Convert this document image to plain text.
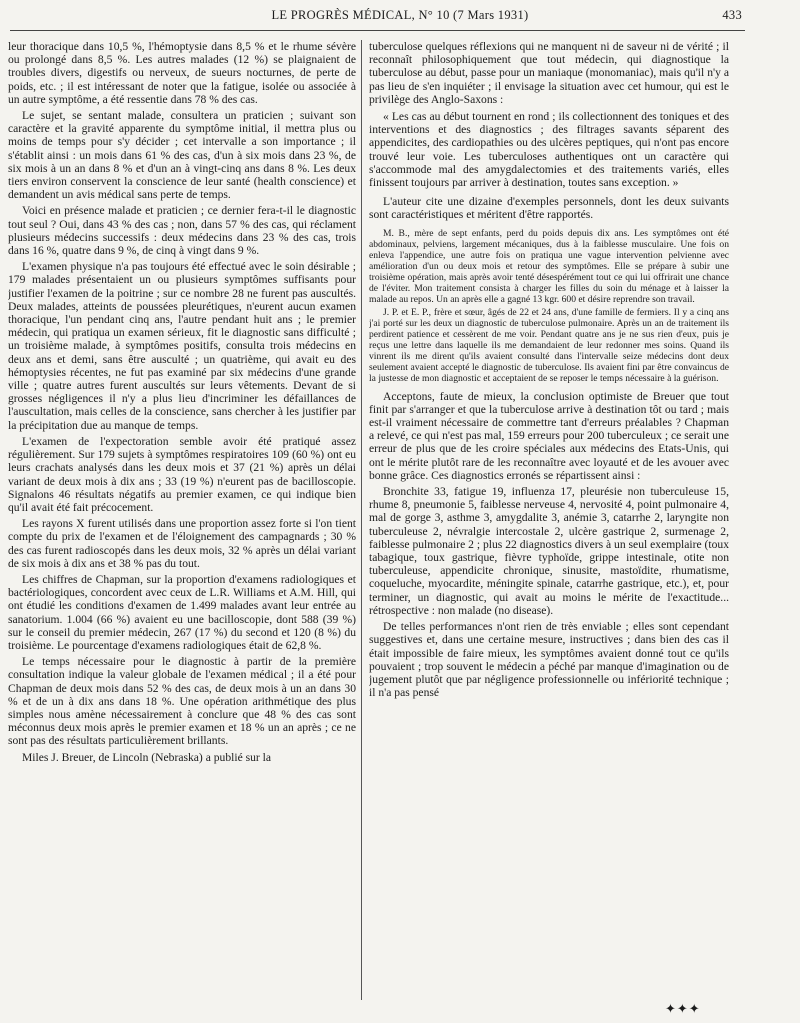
LE PROGRÈS MÉDICAL, N° 10 (7 Mars 1931)	433

leur thoracique dans 10,5 %, l'hémoptysie dans 8,5 % et le rhume sévère ou prolongé dans 8,5 %. Les autres malades (12 %) se plaignaient de troubles divers, digestifs ou nerveux, de sueurs nocturnes, de perte de poids, etc. ; il est intéressant de noter que la fatigue, isolée ou associée à un autre symptôme, a été ressentie dans 78 % des cas.

Le sujet, se sentant malade, consultera un praticien ; suivant son caractère et la gravité apparente du symptôme initial, il mettra plus ou moins de temps pour s'y décider ; cet intervalle a son importance ; il s'établit ainsi : un mois dans 61 % des cas, d'un à six mois dans 23 %, de six mois à un an dans 8 % et d'un an à vingt-cinq ans dans 8 %. Les deux tiers environ conservent la conscience de leur santé (health conscience) et demandent un avis médical sans perte de temps.

Voici en présence malade et praticien ; ce dernier fera-t-il le diagnostic tout seul ? Oui, dans 43 % des cas ; non, dans 57 % des cas, qui réclament plusieurs médecins successifs : deux médecins dans 23 % des cas, trois dans 16 %, quatre dans 9 %, de cinq à vingt dans 9 %.

L'examen physique n'a pas toujours été effectué avec le soin désirable ; 179 malades présentaient un ou plusieurs symptômes suffisants pour justifier l'examen de la poitrine ; sur ce nombre 28 ne furent pas auscultés. Deux malades, atteints de poussées pleurétiques, n'eurent aucun examen thoracique, l'un pendant cinq ans, l'autre pendant huit ans ; le premier médecin, qui pratiqua un examen sérieux, fit le diagnostic sans difficulté ; un troisième malade, à symptômes positifs, consulta trois médecins en deux ans et demi, sans être ausculté ; un quatrième, qui avait eu des hémoptysies récentes, ne fut pas examiné par six médecins d'une grande ville ; quatre autres furent auscultés sur leurs vêtements. Devant de si grosses négligences il n'y a plus lieu d'incriminer les défaillances de l'auscultation, mais celles de la conscience, sans chercher à les justifier par la précipitation due au manque de temps.

L'examen de l'expectoration semble avoir été pratiqué assez régulièrement. Sur 179 sujets à symptômes respiratoires 109 (60 %) ont eu leurs crachats analysés dans les deux mois et 37 (21 %) après un délai variant de deux mois à dix ans ; 33 (19 %) n'eurent pas de bacilloscopie. Signalons 46 résultats négatifs au premier examen, ce qui indique bien qu'il avait été fait précocement.

Les rayons X furent utilisés dans une proportion assez forte si l'on tient compte du prix de l'examen et de l'éloignement des campagnards ; 30 % des cas furent radioscopés dans les deux mois, 32 % après un délai variant de six mois à dix ans et 38 % pas du tout.

Les chiffres de Chapman, sur la proportion d'examens radiologiques et bactériologiques, concordent avec ceux de L.R. Williams et A.M. Hill, qui ont étudié les conditions d'examen de 1.499 malades avant leur entrée au sanatorium. 1.004 (66 %) avaient eu une bacilloscopie, dont 588 (39 %) sur le conseil du premier médecin, 267 (17 %) du second et 120 (8 %) du troisième. Le pourcentage d'examens radiologiques était de 62,8 %.

Le temps nécessaire pour le diagnostic à partir de la première consultation indique la valeur globale de l'examen médical ; il a été pour Chapman de deux mois dans 52 % des cas, de deux mois à un an dans 30 % et de un à dix ans dans 18 %. Une opération arithmétique des plus simples nous amène nécessairement à conclure que 48 % des cas sont méconnus deux mois après le premier examen et 18 % un an après ; ce ne sont pas des résultats particulièrement brillants.

Miles J. Breuer, de Lincoln (Nebraska) a publié sur la

tuberculose quelques réflexions qui ne manquent ni de saveur ni de vérité ; il reconnaît philosophiquement que tout médecin, qui diagnostique la tuberculose au début, passe pour un maniaque (monomaniac), mais qu'il n'y a pas lieu de s'en inquiéter ; il envisage la situation avec cet humour, qui est le privilège des Anglo-Saxons :

« Les cas au début tournent en rond ; ils collectionnent des toniques et des interventions et des diagnostics ; des filtrages savants séparent des appendicites, des cardiopathies ou des ulcères peptiques, qui n'ont pas encore trouvé leur voie. Les tuberculoses authentiques ont un caractère qui s'accommode mal des amygdalectomies et des traitements variés, elles finissent toujours par arriver à destination, toutes sans exception. »

L'auteur cite une dizaine d'exemples personnels, dont les deux suivants sont caractéristiques et méritent d'être rapportés.

M. B., mère de sept enfants, perd du poids depuis dix ans. Les symptômes ont été abdominaux, pelviens, largement mécaniques, dus à la faiblesse musculaire. Une fois on enleva l'appendice, une autre fois on pratiqua une vague intervention pelvienne avec amélioration d'un ou deux mois et retour des symptômes. Elle se prépare à subir une troisième opération, mais après avoir tenté désespérément tout ce qui lui offrirait une chance de l'éviter. Mon traitement consista à charger les filles du soin du ménage et à laisser la malade au repos. Un an après elle a gagné 13 kgr. 600 et désire reprendre son travail.

J. P. et E. P., frère et sœur, âgés de 22 et 24 ans, d'une famille de fermiers. Il y a cinq ans j'ai porté sur les deux un diagnostic de tuberculose pulmonaire. Après un an de traitement ils perdirent patience et cessèrent de me voir. Pendant quatre ans je ne sus rien d'eux, puis je reçus une lettre dans laquelle ils me demandaient de leur redonner mes soins. Quand ils vinrent ils me dirent qu'ils avaient consulté dans l'intervalle seize médecins dont deux seulement avaient accepté le diagnostic de tuberculose. Ils avaient fini par être convaincus de la justesse de mon diagnostic et acceptaient de se reposer le temps nécessaire à la guérison.

Acceptons, faute de mieux, la conclusion optimiste de Breuer que tout finit par s'arranger et que la tuberculose arrive à destination tôt ou tard ; mais est-il vraiment nécessaire de commettre tant d'erreurs préalables ? Chapman a relevé, ce qui n'est pas mal, 159 erreurs pour 200 tuberculeux ; ce serait une erreur de plus que de les croire spéciales aux médecins des Etats-Unis, qui ont le mérite plutôt rare de les reconnaître avec loyauté et de les avouer avec bonne grâce. Ces diagnostics erronés se répartissent ainsi :

Bronchite 33, fatigue 19, influenza 17, pleurésie non tuberculeuse 15, rhume 8, pneumonie 5, faiblesse nerveuse 4, nervosité 4, point pulmonaire 4, mal de gorge 3, asthme 3, amygdalite 3, anémie 3, catarrhe 2, laryngite non tuberculeuse 2, névralgie intercostale 2, ulcère gastrique 2, surmenage 2, faiblesse pulmonaire 2 ; plus 22 diagnostics divers à un seul exemplaire (toux tabagique, toux gastrique, fièvre typhoïde, grippe intestinale, otite non tuberculeuse, appendicite chronique, sinusite, mastoïdite, rhumatisme, coqueluche, myocardite, méningite spinale, catarrhe gastrique, etc.), et, pour terminer, un diagnostic, qui avait au moins le mérite de l'exactitude... rétrospective : non malade (no disease).

De telles performances n'ont rien de très enviable ; elles sont cependant suggestives et, dans une certaine mesure, instructives ; dans bien des cas il était impossible de faire mieux, les symptômes avaient donné tout ce qu'ils pouvaient ; trop souvent le médecin a péché par manque d'imagination ou de jugement plutôt que par négligence professionnelle ou infériorité technique ; il n'a pas pensé

✦✦✦
